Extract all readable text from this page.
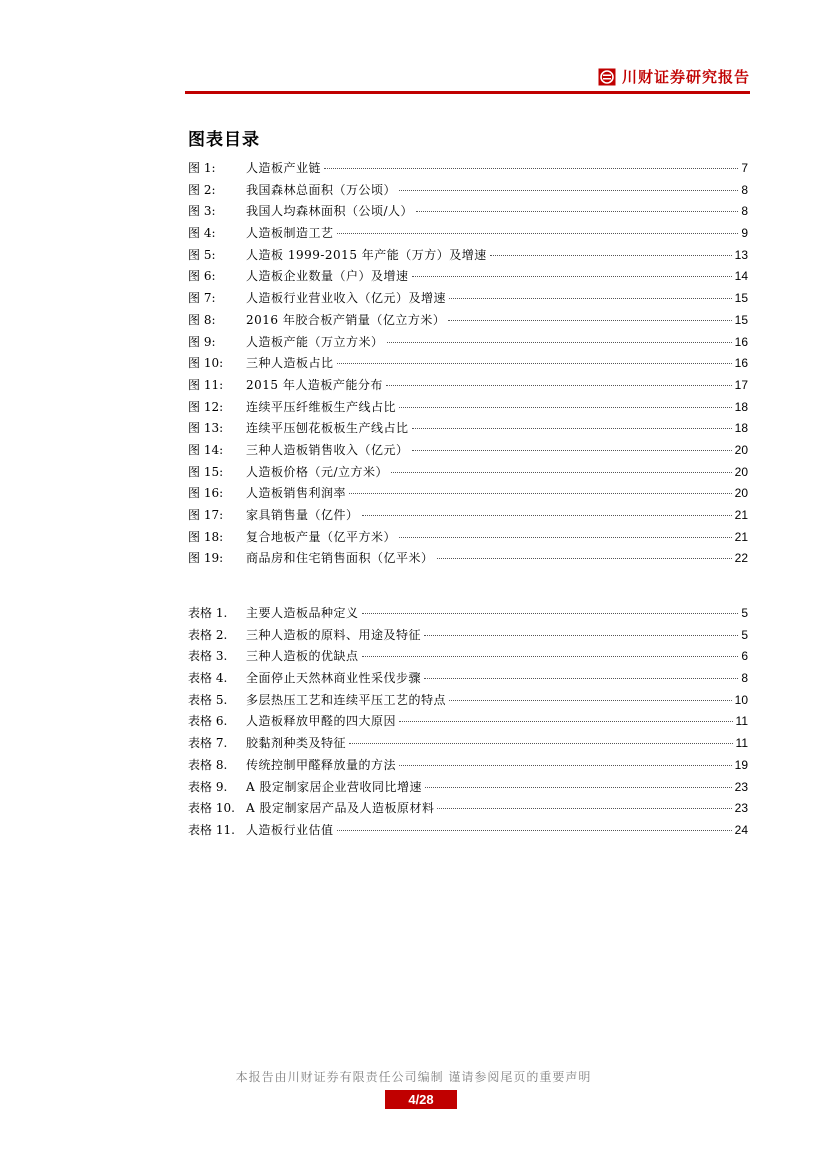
川财证券研究报告
图表目录
图 1:	人造板产业链	7
图 2:	我国森林总面积（万公顷）	8
图 3:	我国人均森林面积（公顷/人）	8
图 4:	人造板制造工艺	9
图 5:	人造板 1999-2015 年产能（万方）及增速	13
图 6:	人造板企业数量（户）及增速	14
图 7:	人造板行业营业收入（亿元）及增速	15
图 8:	2016 年胶合板产销量（亿立方米）	15
图 9:	人造板产能（万立方米）	16
图 10:	三种人造板占比	16
图 11:	2015 年人造板产能分布	17
图 12:	连续平压纤维板生产线占比	18
图 13:	连续平压刨花板板生产线占比	18
图 14:	三种人造板销售收入（亿元）	20
图 15:	人造板价格（元/立方米）	20
图 16:	人造板销售利润率	20
图 17:	家具销售量（亿件）	21
图 18:	复合地板产量（亿平方米）	21
图 19:	商品房和住宅销售面积（亿平米）	22
表格 1.	主要人造板品种定义	5
表格 2.	三种人造板的原料、用途及特征	5
表格 3.	三种人造板的优缺点	6
表格 4.	全面停止天然林商业性采伐步骤	8
表格 5.	多层热压工艺和连续平压工艺的特点	10
表格 6.	人造板释放甲醛的四大原因	11
表格 7.	胶黏剂种类及特征	11
表格 8.	传统控制甲醛释放量的方法	19
表格 9.	A 股定制家居企业营收同比增速	23
表格 10. A 股定制家居产品及人造板原材料	23
表格 11. 人造板行业估值	24
本报告由川财证券有限责任公司编制 谨请参阅尾页的重要声明
4/28
